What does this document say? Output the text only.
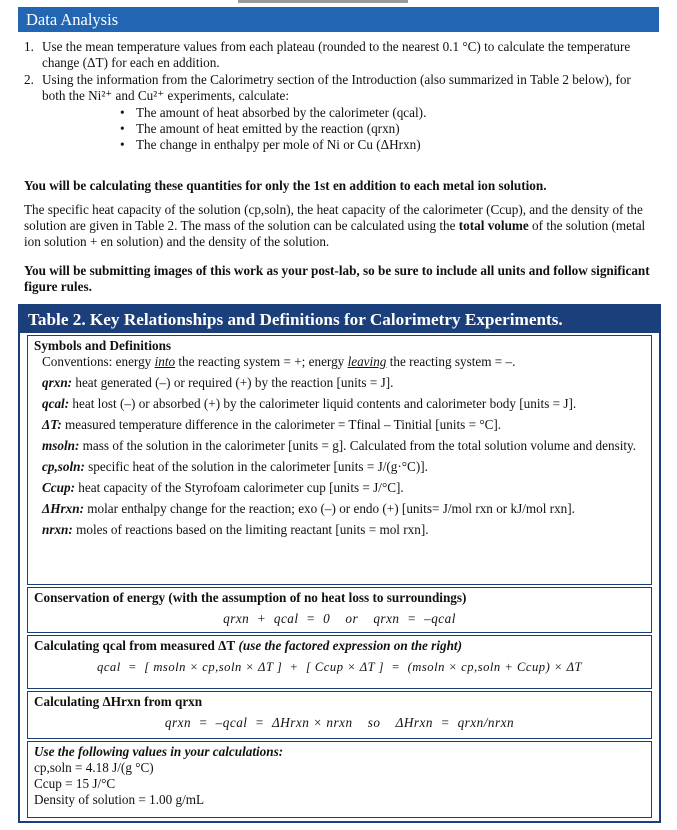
Data Analysis
1. Use the mean temperature values from each plateau (rounded to the nearest 0.1 °C) to calculate the temperature change (ΔT) for each en addition.
2. Using the information from the Calorimetry section of the Introduction (also summarized in Table 2 below), for both the Ni²⁺ and Cu²⁺ experiments, calculate:
• The amount of heat absorbed by the calorimeter (qcal).
• The amount of heat emitted by the reaction (qrxn)
• The change in enthalpy per mole of Ni or Cu (ΔHrxn)
You will be calculating these quantities for only the 1st en addition to each metal ion solution.
The specific heat capacity of the solution (cp,soln), the heat capacity of the calorimeter (Ccup), and the density of the solution are given in Table 2. The mass of the solution can be calculated using the total volume of the solution (metal ion solution + en solution) and the density of the solution.
You will be submitting images of this work as your post-lab, so be sure to include all units and follow significant figure rules.
Table 2. Key Relationships and Definitions for Calorimetry Experiments.
Symbols and Definitions
Conventions: energy into the reacting system = +; energy leaving the reacting system = –.
qrxn: heat generated (–) or required (+) by the reaction [units = J].
qcal: heat lost (–) or absorbed (+) by the calorimeter liquid contents and calorimeter body [units = J].
ΔT: measured temperature difference in the calorimeter = Tfinal – Tinitial [units = °C].
msoln: mass of the solution in the calorimeter [units = g]. Calculated from the total solution volume and density.
cp,soln: specific heat of the solution in the calorimeter [units = J/(g·°C)].
Ccup: heat capacity of the Styrofoam calorimeter cup [units = J/°C].
ΔHrxn: molar enthalpy change for the reaction; exo (–) or endo (+) [units= J/mol rxn or kJ/mol rxn].
nrxn: moles of reactions based on the limiting reactant [units = mol rxn].
Conservation of energy (with the assumption of no heat loss to surroundings)
qrxn  +  qcal  =  0    or    qrxn  =  –qcal
Calculating qcal from measured ΔT (use the factored expression on the right)
qcal  =  [ msoln × cp,soln × ΔT ]  +  [ Ccup × ΔT ]  =  (msoln × cp,soln + Ccup) × ΔT
Calculating ΔHrxn from qrxn
qrxn  =  –qcal  =  ΔHrxn × nrxn    so    ΔHrxn  =  qrxn/nrxn
Use the following values in your calculations:
cp,soln = 4.18 J/(g °C)
Ccup = 15 J/°C
Density of solution = 1.00 g/mL
